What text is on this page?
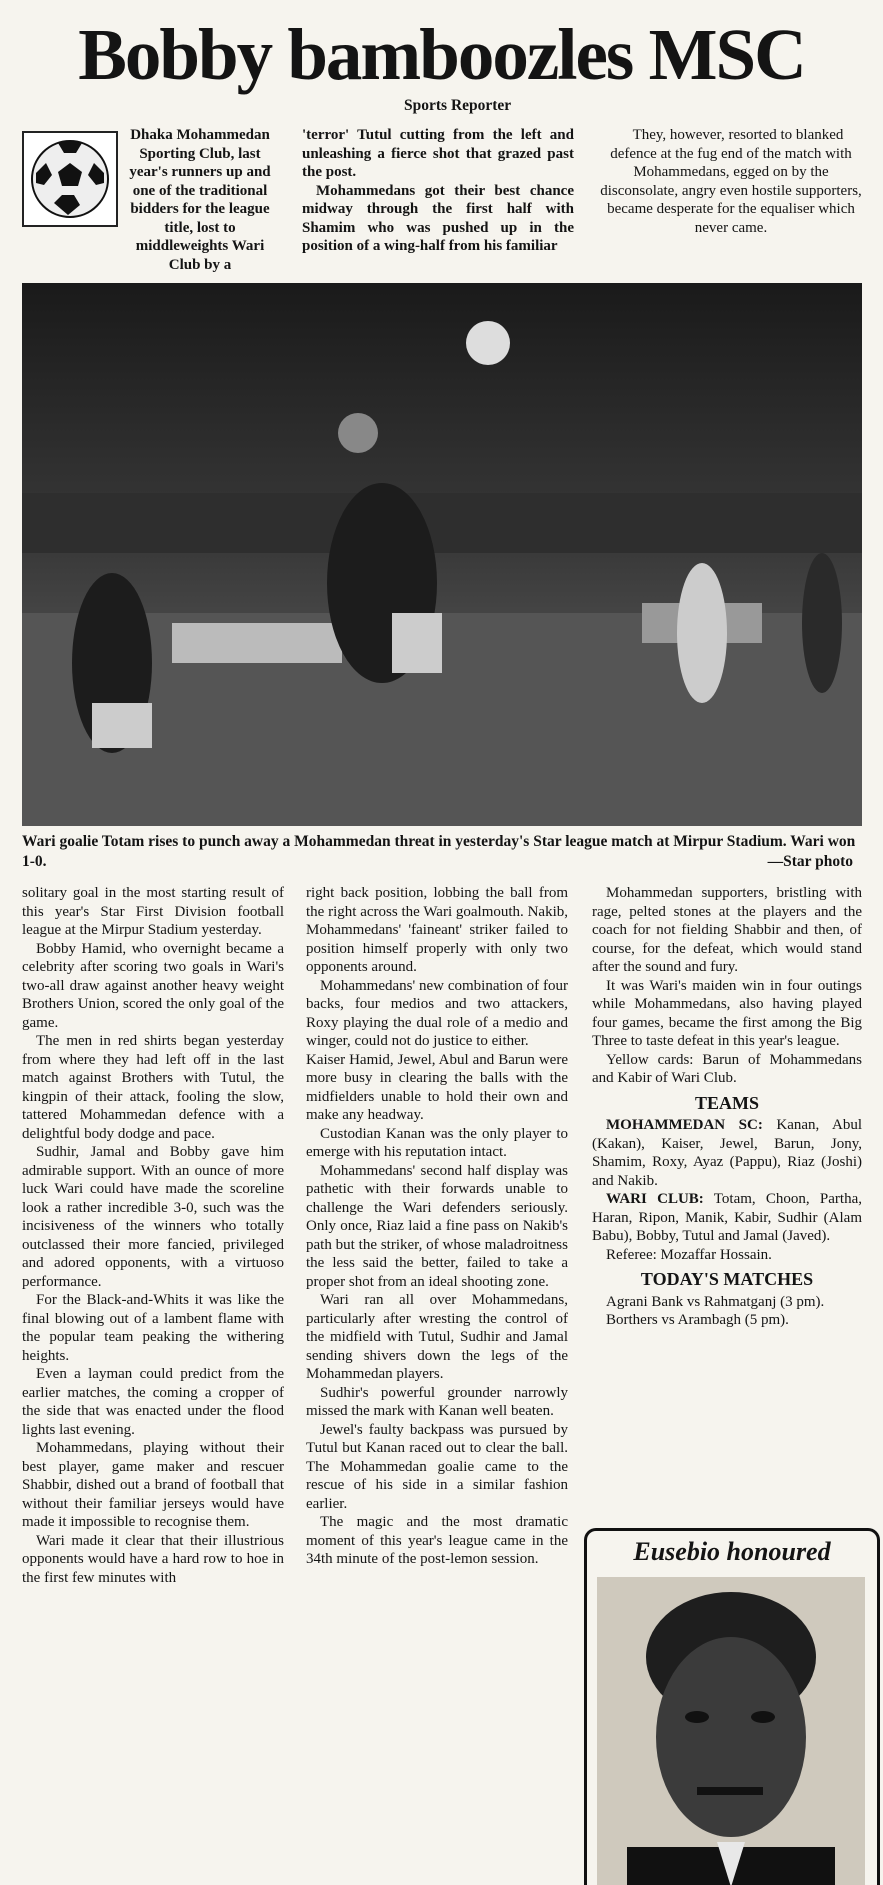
Bobby bamboozles MSC
Sports Reporter
Dhaka Mohammedan Sporting Club, last year's runners up and one of the traditional bidders for the league title, lost to middleweights Wari Club by a

'terror' Tutul cutting from the left and unleashing a fierce shot that grazed past the post.

Mohammedans got their best chance midway through the first half with Shamim who was pushed up in the position of a wing-half from his familiar

They, however, resorted to blanked defence at the fug end of the match with Mohammedans, egged on by the disconsolate, angry even hostile supporters, became desperate for the equaliser which never came.

Wari goalie Totam rises to punch away a Mohammedan threat in yesterday's Star league match at Mirpur Stadium. Wari won 1-0.	—Star photo

solitary goal in the most starting result of this year's Star First Division football league at the Mirpur Stadium yesterday.

Bobby Hamid, who overnight became a celebrity after scoring two goals in Wari's two-all draw against another heavy weight Brothers Union, scored the only goal of the game.

The men in red shirts began yesterday from where they had left off in the last match against Brothers with Tutul, the kingpin of their attack, fooling the slow, tattered Mohammedan defence with a delightful body dodge and pace.

Sudhir, Jamal and Bobby gave him admirable support. With an ounce of more luck Wari could have made the scoreline look a rather incredible 3-0, such was the incisiveness of the winners who totally outclassed their more fancied, privileged and adored opponents, with a virtuoso performance.

For the Black-and-Whits it was like the final blowing out of a lambent flame with the popular team peaking the withering heights.

Even a layman could predict from the earlier matches, the coming a cropper of the side that was enacted under the flood lights last evening.

Mohammedans, playing without their best player, game maker and rescuer Shabbir, dished out a brand of football that without their familiar jerseys would have made it impossible to recognise them.

Wari made it clear that their illustrious opponents would have a hard row to hoe in the first few minutes with

right back position, lobbing the ball from the right across the Wari goalmouth. Nakib, Mohammedans' 'faineant' striker failed to position himself properly with only two opponents around.

Mohammedans' new combination of four backs, four medios and two attackers, Roxy playing the dual role of a medio and winger, could not do justice to either.

Kaiser Hamid, Jewel, Abul and Barun were more busy in clearing the balls with the midfielders unable to hold their own and make any headway.

Custodian Kanan was the only player to emerge with his reputation intact.

Mohammedans' second half display was pathetic with their forwards unable to challenge the Wari defenders seriously. Only once, Riaz laid a fine pass on Nakib's path but the striker, of whose maladroitness the less said the better, failed to take a proper shot from an ideal shooting zone.

Wari ran all over Mohammedans, particularly after wresting the control of the midfield with Tutul, Sudhir and Jamal sending shivers down the legs of the Mohammedan players.

Sudhir's powerful grounder narrowly missed the mark with Kanan well beaten.

Jewel's faulty backpass was pursued by Tutul but Kanan raced out to clear the ball. The Mohammedan goalie came to the rescue of his side in a similar fashion earlier.

The magic and the most dramatic moment of this year's league came in the 34th minute of the post-lemon session.

Mohammedan supporters, bristling with rage, pelted stones at the players and the coach for not fielding Shabbir and then, of course, for the defeat, which would stand after the sound and fury.

It was Wari's maiden win in four outings while Mohammedans, also having played four games, became the first among the Big Three to taste defeat in this year's league.

Yellow cards: Barun of Mohammedans and Kabir of Wari Club.

TEAMS

MOHAMMEDAN SC: Kanan, Abul (Kakan), Kaiser, Jewel, Barun, Jony, Shamim, Roxy, Ayaz (Pappu), Riaz (Joshi) and Nakib.

WARI CLUB: Totam, Choon, Partha, Haran, Ripon, Manik, Kabir, Sudhir (Alam Babu), Bobby, Tutul and Jamal (Javed).

Referee: Mozaffar Hossain.

TODAY'S MATCHES

Agrani Bank vs Rahmatganj (3 pm).

Borthers vs Arambagh (5 pm).

Eusebio honoured
